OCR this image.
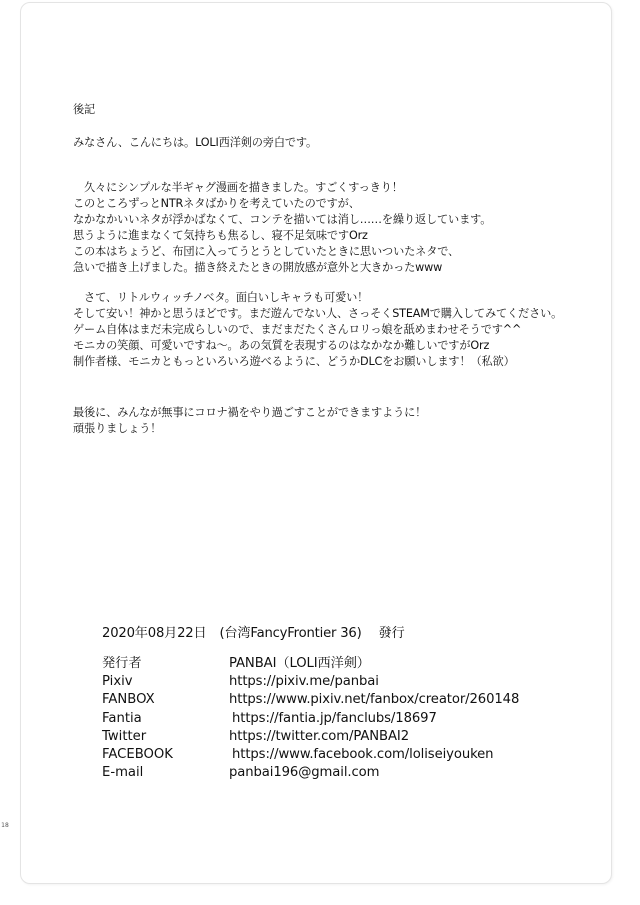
後記
みなさん、こんにちは。LOLI西洋剣の旁白です。
　久々にシンプルな半ギャグ漫画を描きました。すごくすっきり！
このところずっとNTRネタばかりを考えていたのですが、
なかなかいいネタが浮かばなくて、コンテを描いては消し……を繰り返しています。
思うように進まなくて気持ちも焦るし、寝不足気味ですOrz
この本はちょうど、布団に入ってうとうとしていたときに思いついたネタで、
急いで描き上げました。描き終えたときの開放感が意外と大きかったwww
　さて、リトルウィッチノベタ。面白いしキャラも可愛い！
そして安い！神かと思うほどです。まだ遊んでない人、さっそくSTEAMで購入してみてください。
ゲーム自体はまだ未完成らしいので、まだまだたくさんロリっ娘を舐めまわせそうです^^
モニカの笑顔、可愛いですね～。あの気質を表現するのはなかなか難しいですがOrz
制作者様、モニカともっといろいろ遊べるように、どうかDLCをお願いします！（私欲）
最後に、みんなが無事にコロナ禍をやり過ごすことができますように！
頑張りましょう！
2020年08月22日　(台湾FancyFrontier 36)　 發行
発行者	PANBAI（LOLI西洋剣）
Pixiv	https://pixiv.me/panbai
FANBOX	https://www.pixiv.net/fanbox/creator/260148
Fantia	https://fantia.jp/fanclubs/18697
Twitter	https://twitter.com/PANBAI2
FACEBOOK	https://www.facebook.com/loliseiyouken
E-mail	panbai196@gmail.com
18
